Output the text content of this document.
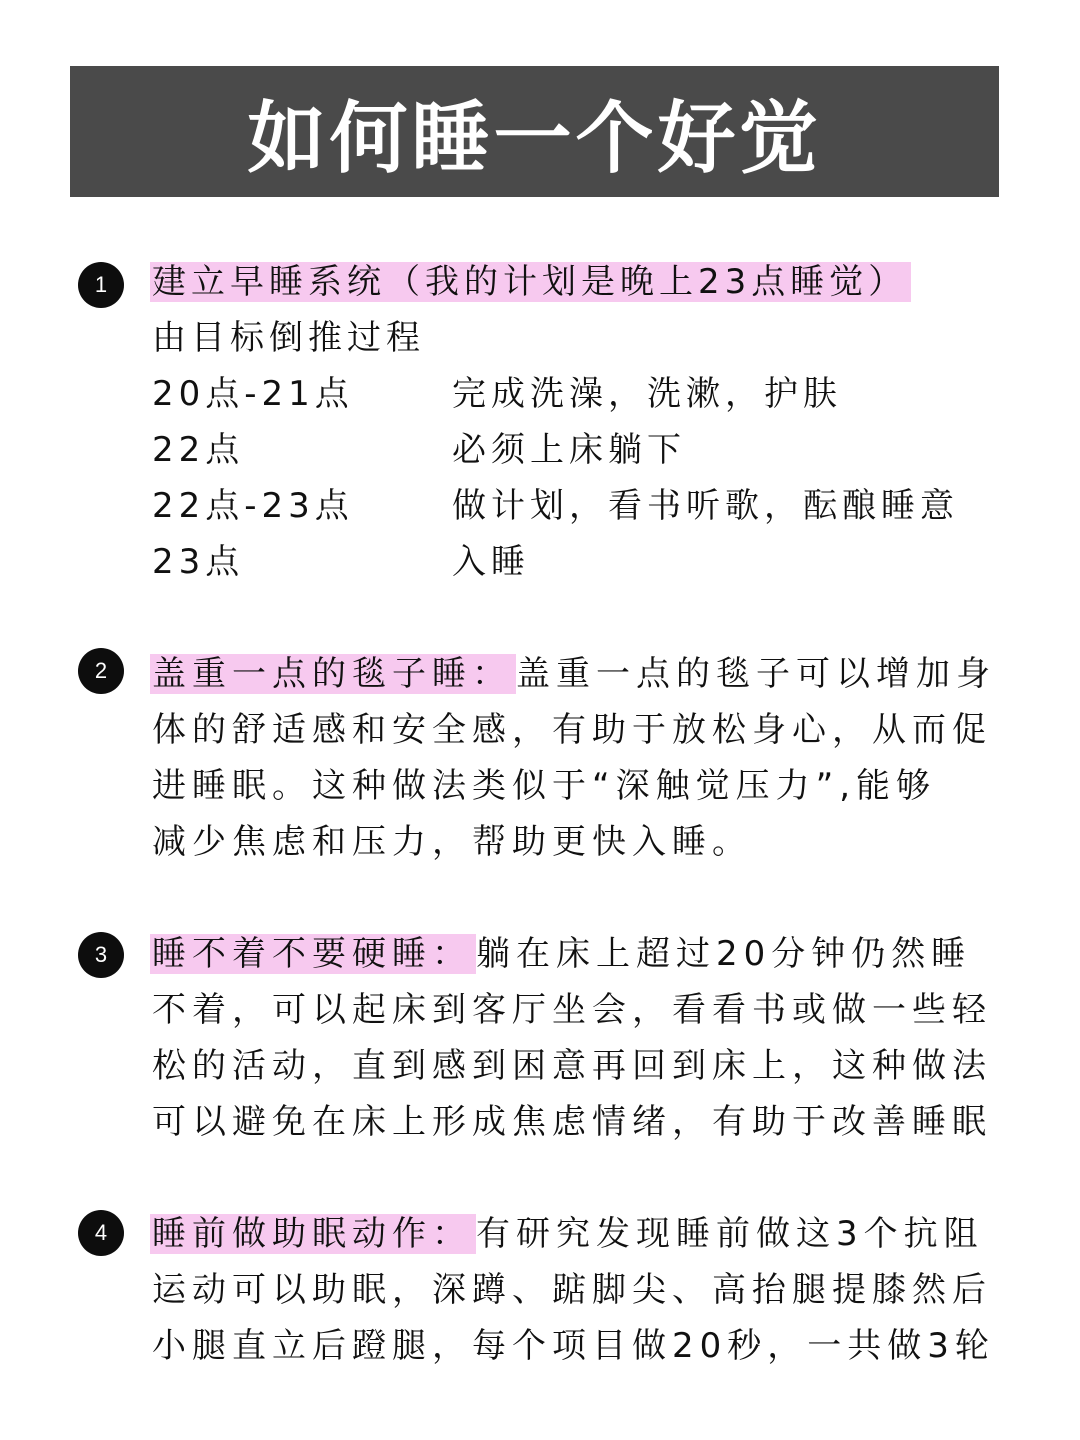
如何睡一个好觉
1	建立早睡系统（我的计划是晚上23点睡觉）
由目标倒推过程
20点-21点	完成洗澡，洗漱，护肤
22点	必须上床躺下
22点-23点	做计划，看书听歌，酝酿睡意
23点	入睡
2	盖重一点的毯子睡： 盖重一点的毯子可以增加身
体的舒适感和安全感，有助于放松身心，从而促
进睡眠。这种做法类似于“深触觉压力”,能够
减少焦虑和压力，帮助更快入睡。
3	睡不着不要硬睡： 躺在床上超过20分钟仍然睡
不着，可以起床到客厅坐会，看看书或做一些轻
松的活动，直到感到困意再回到床上，这种做法
可以避免在床上形成焦虑情绪，有助于改善睡眠
4	睡前做助眠动作： 有研究发现睡前做这3个抗阻
运动可以助眠，深蹲、踮脚尖、高抬腿提膝然后
小腿直立后蹬腿，每个项目做20秒，一共做3轮
